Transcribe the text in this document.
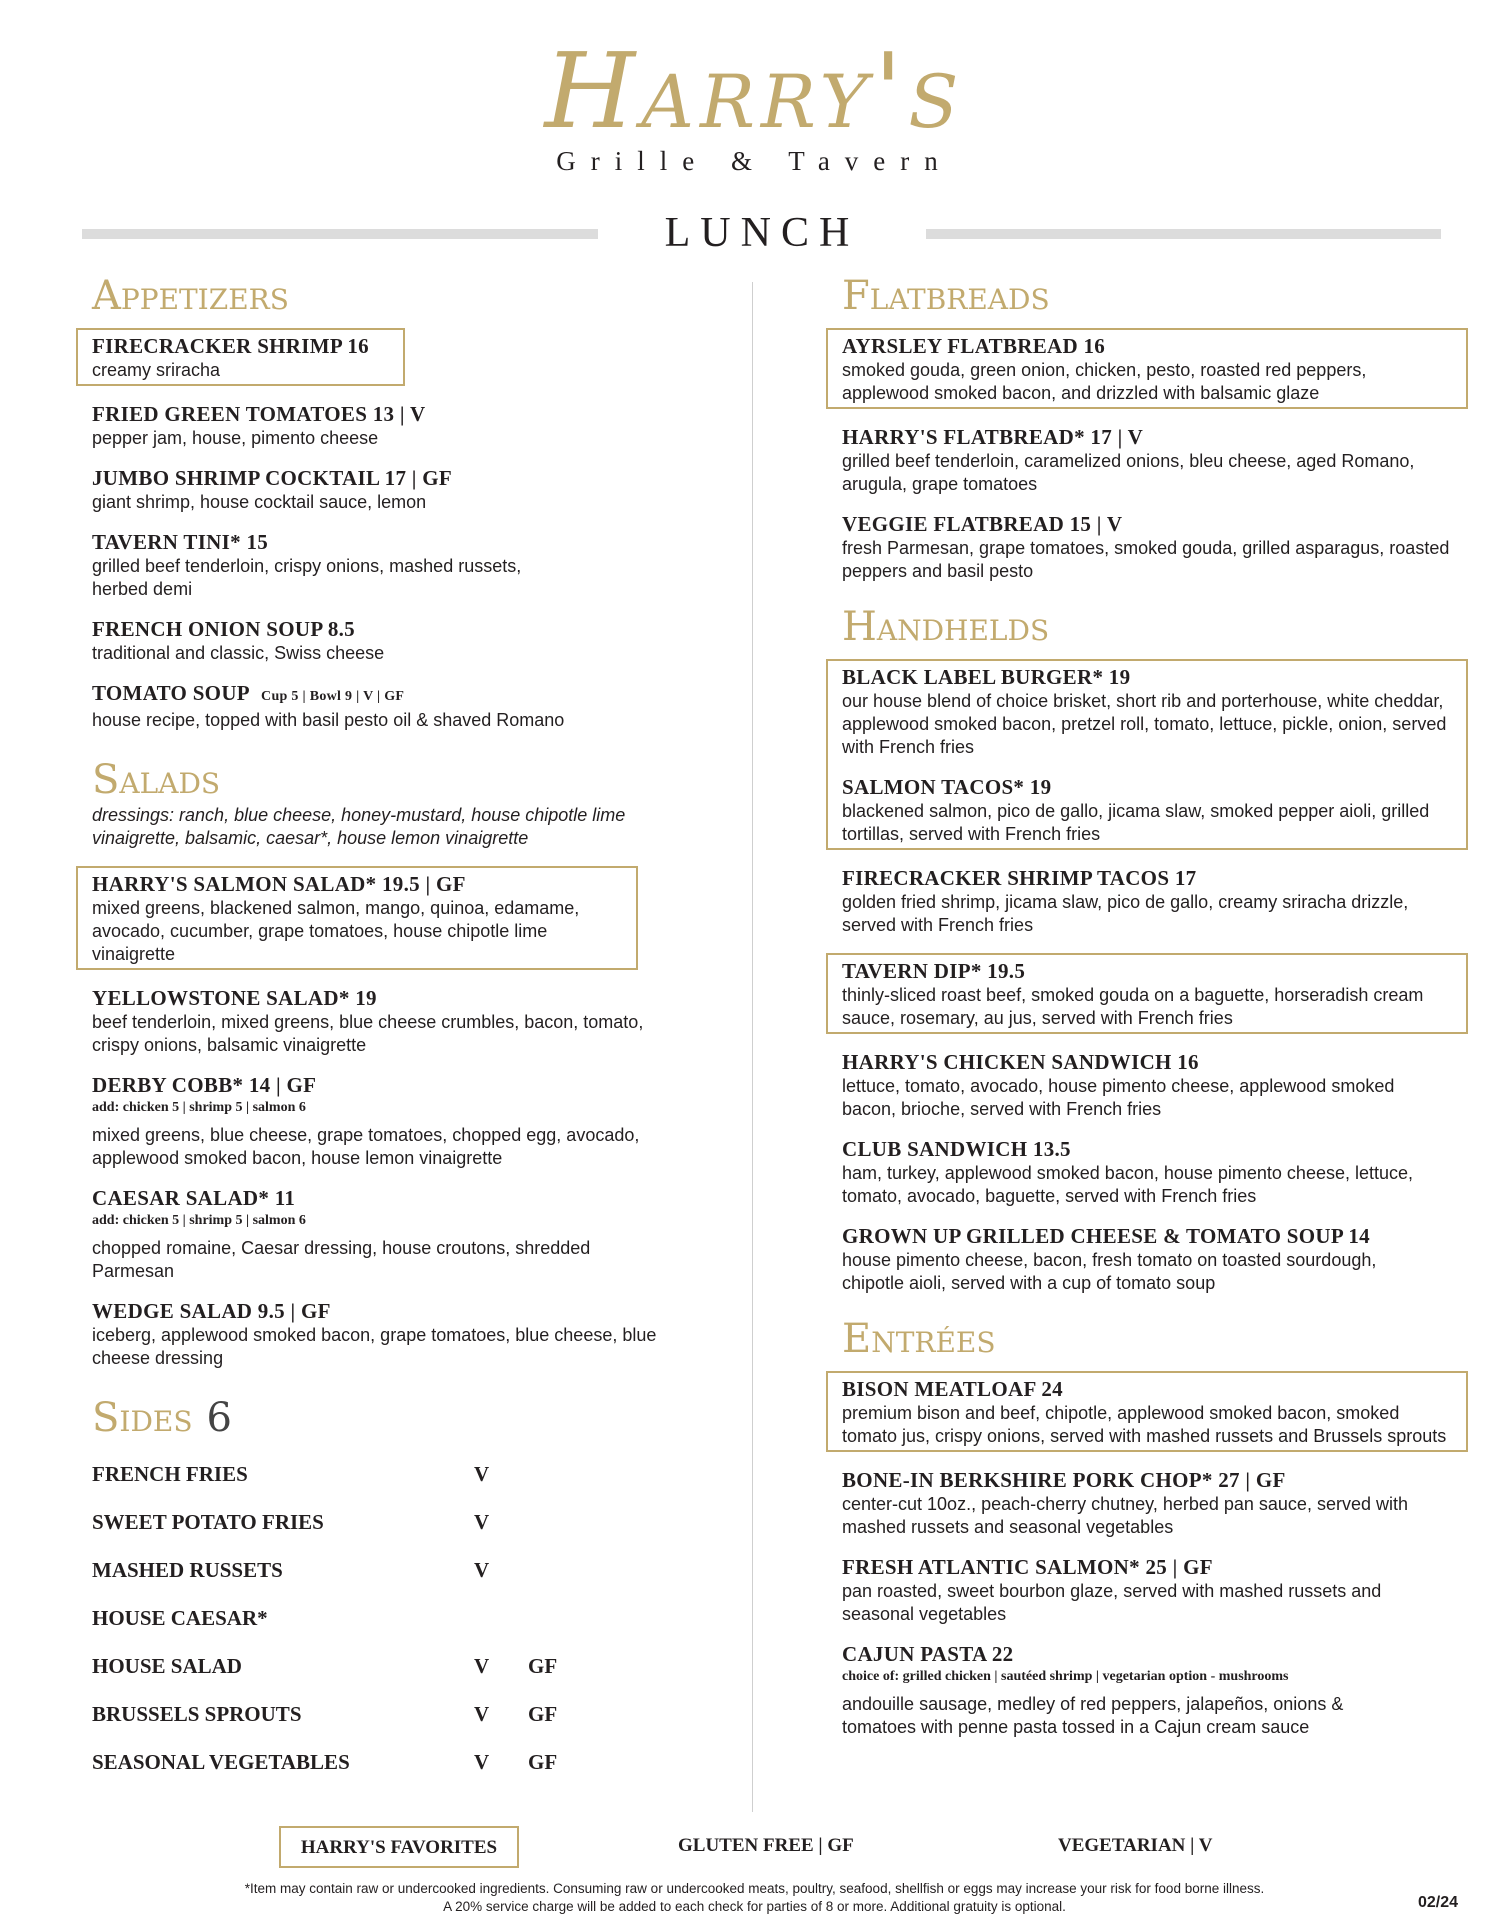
Harry's
Grille & Tavern
LUNCH
Appetizers
FIRECRACKER SHRIMP 16
creamy sriracha
FRIED GREEN TOMATOES 13 | V
pepper jam, house, pimento cheese
JUMBO SHRIMP COCKTAIL 17 | GF
giant shrimp, house cocktail sauce, lemon
TAVERN TINI* 15
grilled beef tenderloin, crispy onions, mashed russets, herbed demi
FRENCH ONION SOUP 8.5
traditional and classic, Swiss cheese
TOMATO SOUP Cup 5 | Bowl 9 | V | GF
house recipe, topped with basil pesto oil & shaved Romano
Salads
dressings: ranch, blue cheese, honey-mustard, house chipotle lime vinaigrette, balsamic, caesar*, house lemon vinaigrette
HARRY'S SALMON SALAD* 19.5 | GF
mixed greens, blackened salmon, mango, quinoa, edamame, avocado, cucumber, grape tomatoes, house chipotle lime vinaigrette
YELLOWSTONE SALAD* 19
beef tenderloin, mixed greens, blue cheese crumbles, bacon, tomato, crispy onions, balsamic vinaigrette
DERBY COBB* 14 | GF
add: chicken 5 | shrimp 5 | salmon 6
mixed greens, blue cheese, grape tomatoes, chopped egg, avocado, applewood smoked bacon, house lemon vinaigrette
CAESAR SALAD* 11
add: chicken 5 | shrimp 5 | salmon 6
chopped romaine, Caesar dressing, house croutons, shredded Parmesan
WEDGE SALAD 9.5 | GF
iceberg, applewood smoked bacon, grape tomatoes, blue cheese, blue cheese dressing
Sides 6
FRENCH FRIES	V
SWEET POTATO FRIES	V
MASHED RUSSETS	V
HOUSE CAESAR*
HOUSE SALAD	V GF
BRUSSELS SPROUTS	V GF
SEASONAL VEGETABLES	V GF
Flatbreads
AYRSLEY FLATBREAD 16
smoked gouda, green onion, chicken, pesto, roasted red peppers, applewood smoked bacon, and drizzled with balsamic glaze
HARRY'S FLATBREAD* 17 | V
grilled beef tenderloin, caramelized onions, bleu cheese, aged Romano, arugula, grape tomatoes
VEGGIE FLATBREAD 15 | V
fresh Parmesan, grape tomatoes, smoked gouda, grilled asparagus, roasted peppers and basil pesto
Handhelds
BLACK LABEL BURGER* 19
our house blend of choice brisket, short rib and porterhouse, white cheddar, applewood smoked bacon, pretzel roll, tomato, lettuce, pickle, onion, served with French fries
SALMON TACOS* 19
blackened salmon, pico de gallo, jicama slaw, smoked pepper aioli, grilled tortillas, served with French fries
FIRECRACKER SHRIMP TACOS 17
golden fried shrimp, jicama slaw, pico de gallo, creamy sriracha drizzle, served with French fries
TAVERN DIP* 19.5
thinly-sliced roast beef, smoked gouda on a baguette, horseradish cream sauce, rosemary, au jus, served with French fries
HARRY'S CHICKEN SANDWICH 16
lettuce, tomato, avocado, house pimento cheese, applewood smoked bacon, brioche, served with French fries
CLUB SANDWICH 13.5
ham, turkey, applewood smoked bacon, house pimento cheese, lettuce, tomato, avocado, baguette, served with French fries
GROWN UP GRILLED CHEESE & TOMATO SOUP 14
house pimento cheese, bacon, fresh tomato on toasted sourdough, chipotle aioli, served with a cup of tomato soup
Entrées
BISON MEATLOAF 24
premium bison and beef, chipotle, applewood smoked bacon, smoked tomato jus, crispy onions, served with mashed russets and Brussels sprouts
BONE-IN BERKSHIRE PORK CHOP* 27 | GF
center-cut 10oz., peach-cherry chutney, herbed pan sauce, served with mashed russets and seasonal vegetables
FRESH ATLANTIC SALMON* 25 | GF
pan roasted, sweet bourbon glaze, served with mashed russets and seasonal vegetables
CAJUN PASTA 22
choice of: grilled chicken | sautéed shrimp | vegetarian option - mushrooms
andouille sausage, medley of red peppers, jalapeños, onions & tomatoes with penne pasta tossed in a Cajun cream sauce
HARRY'S FAVORITES	GLUTEN FREE | GF	VEGETARIAN | V
*Item may contain raw or undercooked ingredients. Consuming raw or undercooked meats, poultry, seafood, shellfish or eggs may increase your risk for food borne illness.
A 20% service charge will be added to each check for parties of 8 or more. Additional gratuity is optional.	02/24
